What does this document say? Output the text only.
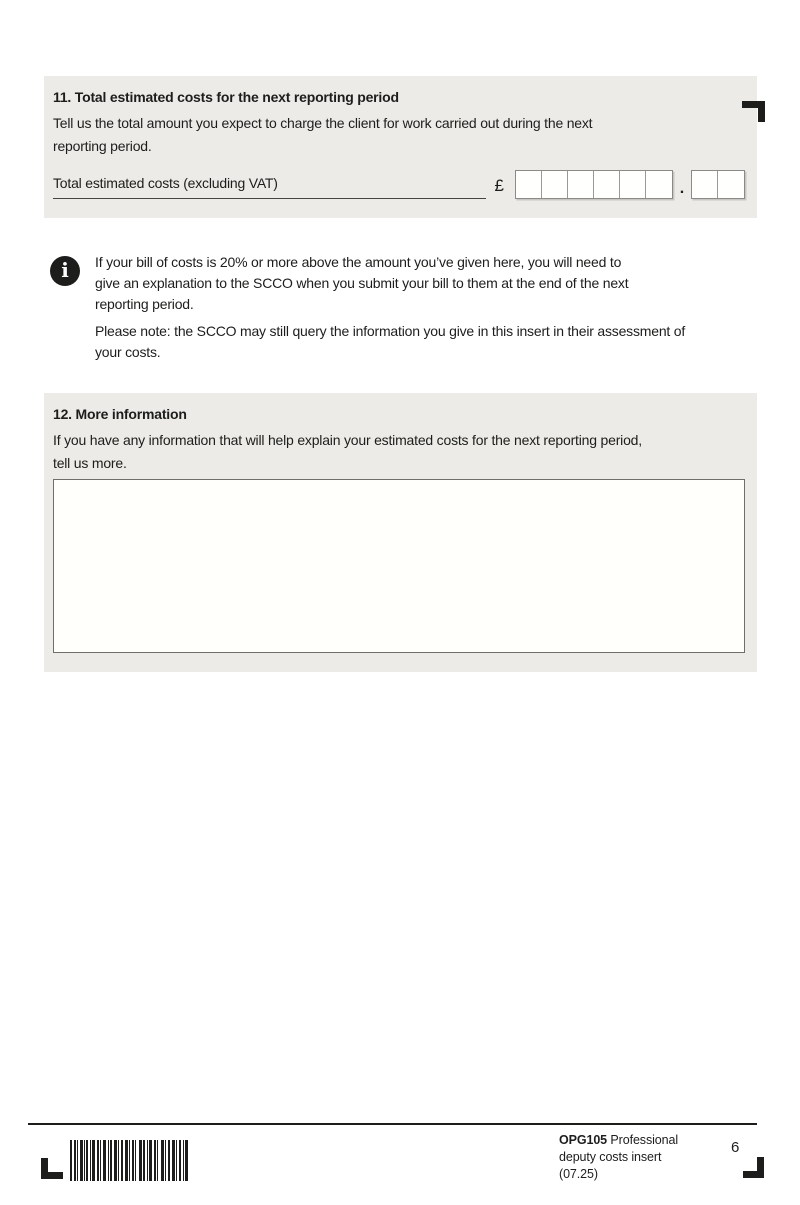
11. Total estimated costs for the next reporting period
Tell us the total amount you expect to charge the client for work carried out during the next
reporting period.
Total estimated costs (excluding VAT)	£	.
i	If your bill of costs is 20% or more above the amount you’ve given here, you will need to
give an explanation to the SCCO when you submit your bill to them at the end of the next
reporting period.
Please note: the SCCO may still query the information you give in this insert in their assessment of
your costs.
12. More information
If you have any information that will help explain your estimated costs for the next reporting period,
tell us more.
OPG105 Professional
deputy costs insert
(07.25)
6
